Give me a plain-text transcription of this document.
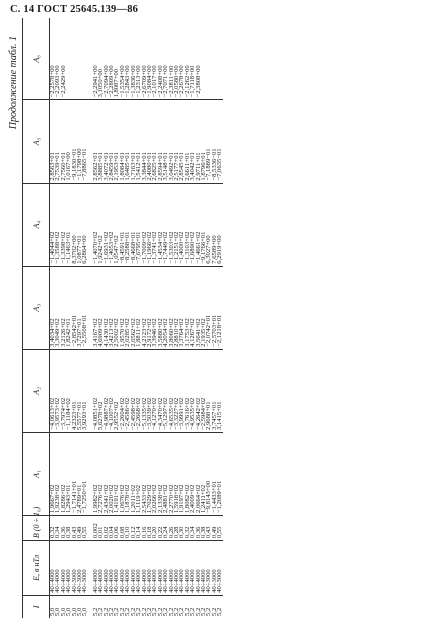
С. 14 ГОСТ 25645.139—86
Продолжение табл. 1
I	E, в нТл	B (0 ÷ 1₀)	A₁	A₂	A₃	A₄	A₅	A₆
5,0	40÷4000	0,32	1,9667+02	−4,0613+02	3,4034+02	−1,4044+02	2,8563+01	−2,2578+00
5,0	40÷4000	0,34	1,9238+02	−3,9573+02	3,3049+02	−1,3588+02	2,7539+01	−2,2093+00
5,0	40÷4000	0,36	1,8286+02	−3,7974+02	3,2126+02	−1,3398+02	2,7560+01	−2,2429+00
5,0	40÷4000	0,38	1,2943+01	−1,1184+02	1,8242+01	−1,1463+01	1,0167+00	
5,0	40÷3000	0,43	−1,7141+01	4,2323+01	−2,8542+01	8,3702+00	−9,1830−01	
5,0	40÷3000	0,49	2,4789+01	5,5577+01	3,7297+01	1,0877+01	−1,1798+00	
5,0	40÷3000	0,55	−1,7250+01	3,9293+01	−2,5508+01	6,2864+00	−7,8865−01	

5,2	40÷4000	0,002	1,9982+02	−4,0851+02	3,4167+02	−1,4070+02	2,8562+01	−2,2941+00
5,2	40÷4000	0,01	2,7276+02	5,6278+02	4,6909+02	1,9242+02	3,8885+01	3,1050+00
5,2	40÷4000	0,02	2,4341+02	−4,9887+02	4,1430+02	−1,6931+02	3,4072+01	−2,7094+00
5,2	40÷4000	0,04	2,0020+02	−4,1007+02	3,4213+02	−1,4053+02	2,8459+01	−2,2809+00
5,2	40÷4000	0,06	1,4191+02	2,9552+02	2,5002+02	1,0547+02	2,1953+01	1,8087+00
5,2	40÷4000	0,08	1,0676+02	−2,2604+02	1,9570+02	−8,4591+01	1,8084+01	−1,5354+00
5,2	40÷4000	0,10	1,1878+02	−2,4586+02	2,0285+02	−8,2588+01	1,6485+01	−1,2843+00
5,2	40÷4000	0,12	1,2011+02	−2,4598+02	2,0562+02	−8,4668+01	1,7163+01	−1,3836+00
5,2	40÷4000	0,14	1,1119+02	−2,2668+02	1,8811+02	−7,6795+01	1,5412+01	−1,2313+00
5,2	40÷4000	0,16	2,5433+02	−5,1335+02	4,2123+02	−1,7009+02	3,3844+01	−2,6709+00
5,2	40÷4000	0,18	1,7029+02	−3,5039+02	2,9172+02	−1,1966+02	2,4080+01	−1,9084+00
5,2	40÷4000	0,20	2,0266+02	−4,1270+02	3,3946+02	−1,3741+02	2,6825+01	−2,1017+00
5,2	40÷4000	0,22	2,1338+02	−4,3470+02	3,5880+02	−1,4534+02	2,8594+01	−2,2408+00
5,2	40÷4000	0,24	2,4881+02	−5,1297+02	4,2054+02	−1,7449+02	3,5148+01	−2,7071+00
5,2	40÷4000	0,26	2,2770+02	−4,6535+02	3,8060+02	−1,5303+02	3,0492+01	−2,3811+00
5,2	40÷4000	0,28	1,5918+02	−3,3227+02	2,8810+02	−1,2151+02	2,5177+01	−2,0580+00
5,2	40÷4000	0,30	1,9197+02	−3,9991+02	3,3764+02	−1,4000+02	2,8545+01	−2,2678+00
5,2	40÷4000	0,32	1,8082+02	−3,7616+02	3,1753+02	−1,3103+02	2,6611+01	−2,1262+00
5,2	40÷4000	0,34	2,4009+02	−4,9535+02	4,1267+02	−1,6890+02	3,4042+01	−1,7118+00
5,2	40÷4000	0,36	2,0664+02	−4,2642+02	3,5641+02	−1,4661+02	2,9711+01	−2,3808+00
5,2	40÷4000	0,38	1,2411+02	−2,5984+02	2,1935+02	−9,1766+01	1,8796+01	
5,2	40÷3000	0,43	−9,8143+00	2,9688+01	−2,0742+01	6,3027+00	−7,1889−01	
5,2	40÷3000	0,49	−1,4433+01	3,7457+01	−2,5703+01	7,6589+00	−8,5336−01	
5,2	40÷3000	0,55	−1,2089+01	3,1415+01	−2,1218+01	6,2919+00	−7,0635−01	
